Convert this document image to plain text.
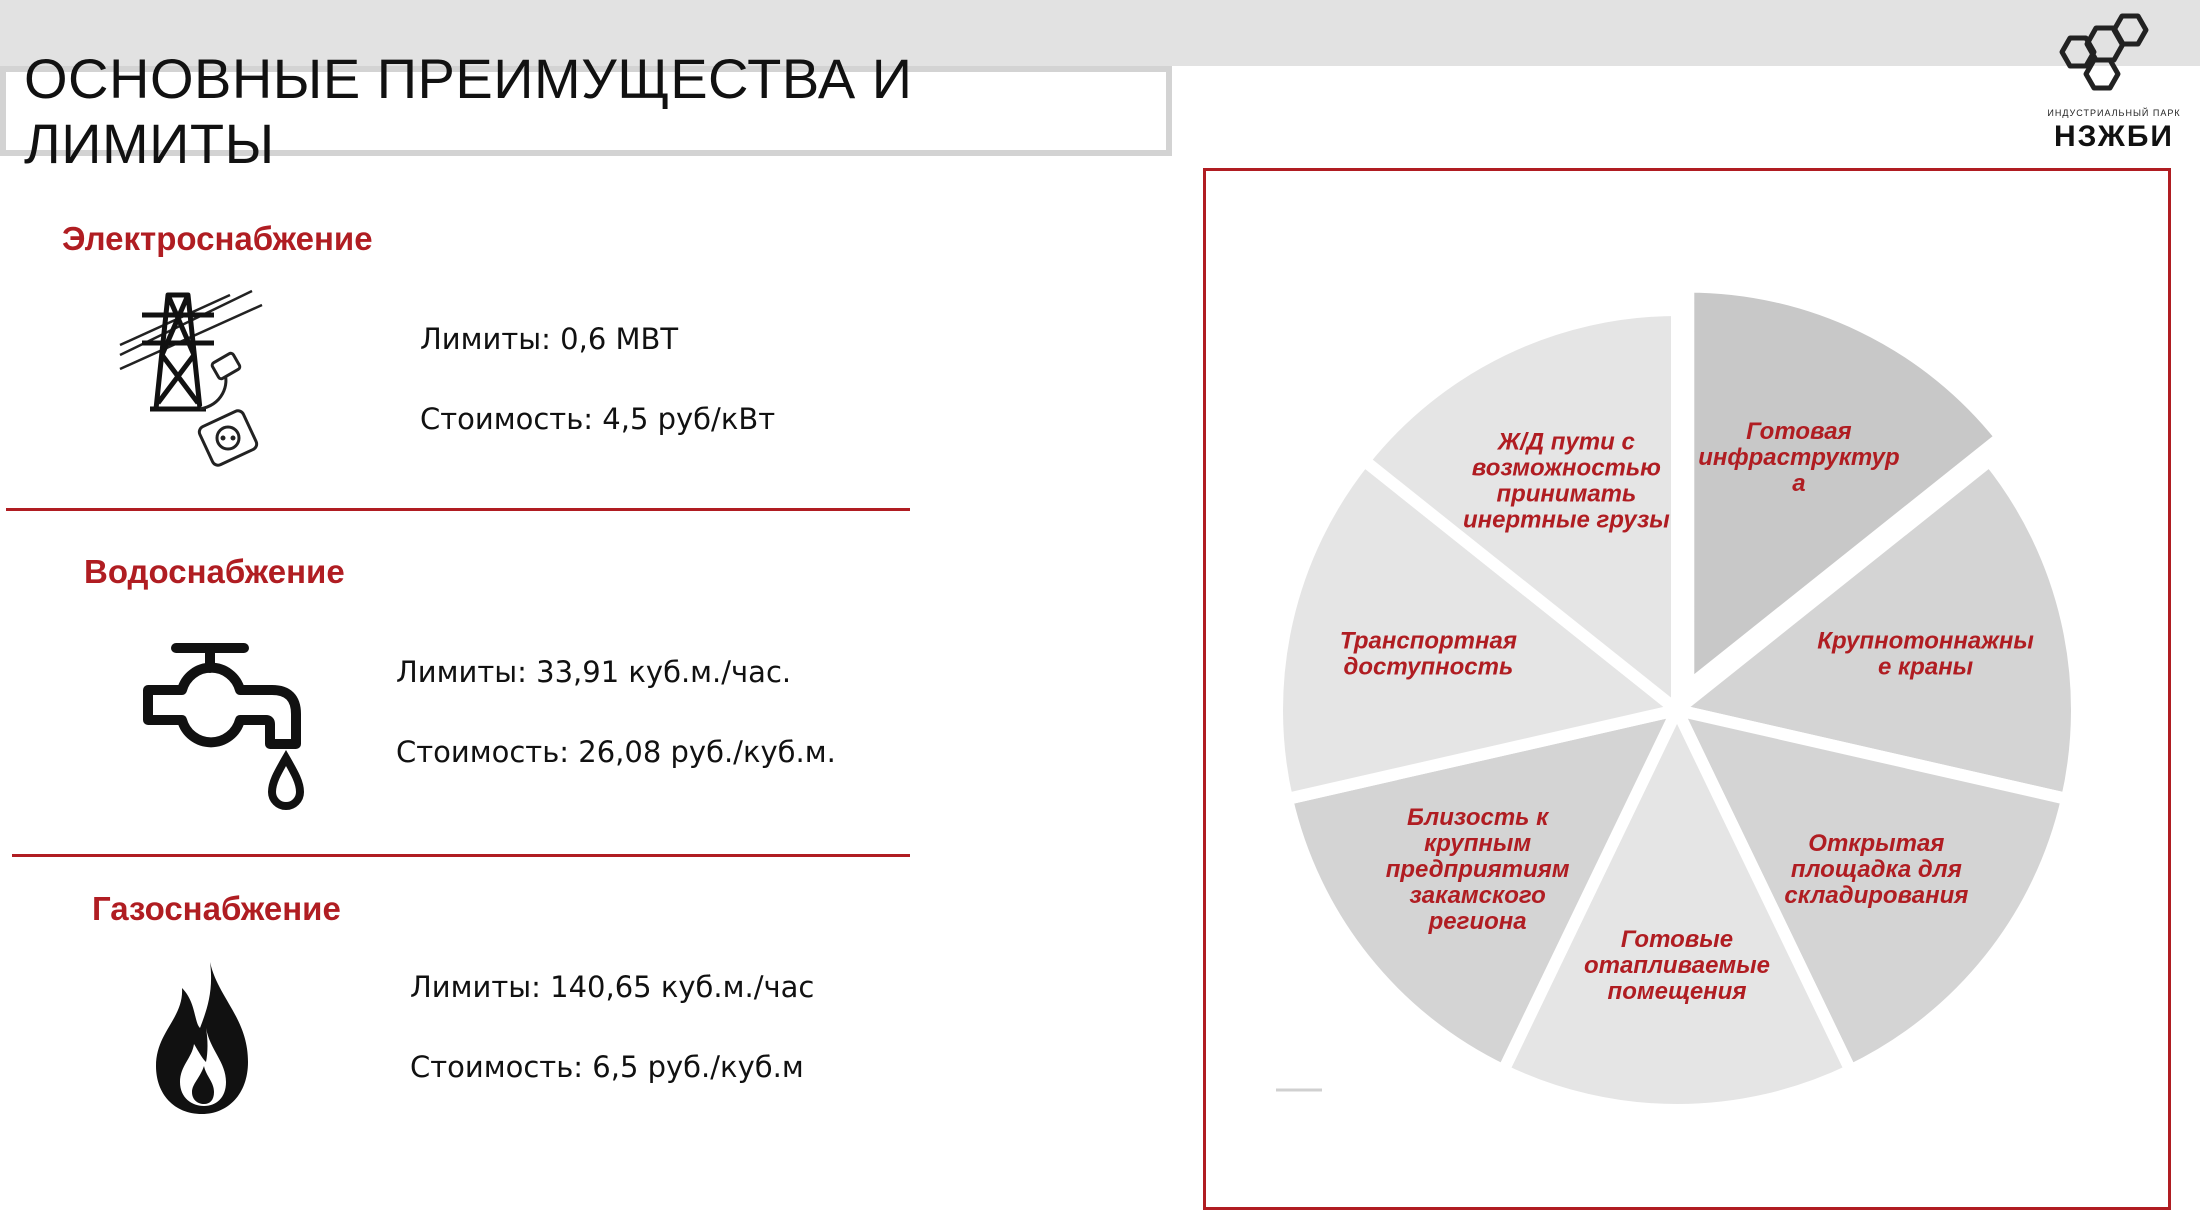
ОСНОВНЫЕ ПРЕИМУЩЕСТВА И ЛИМИТЫ	ИНДУСТРИАЛЬНЫЙ ПАРК
НЗЖБИ
Электроснабжение
Лимиты: 0,6 МВТ
Стоимость: 4,5 руб/кВт
Водоснабжение
Лимиты: 33,91 куб.м./час.
Стоимость: 26,08 руб./куб.м.
Газоснабжение
Лимиты: 140,65 куб.м./час
Стоимость: 6,5 руб./куб.м
Готовая инфраструктур а
Крупнотоннажны е краны
Открытая площадка для складирования
Готовые отапливаемые помещения
Близость к крупным предприятиям закамского региона
Транспортная доступность
Ж/Д пути с возможностью принимать инертные грузы
